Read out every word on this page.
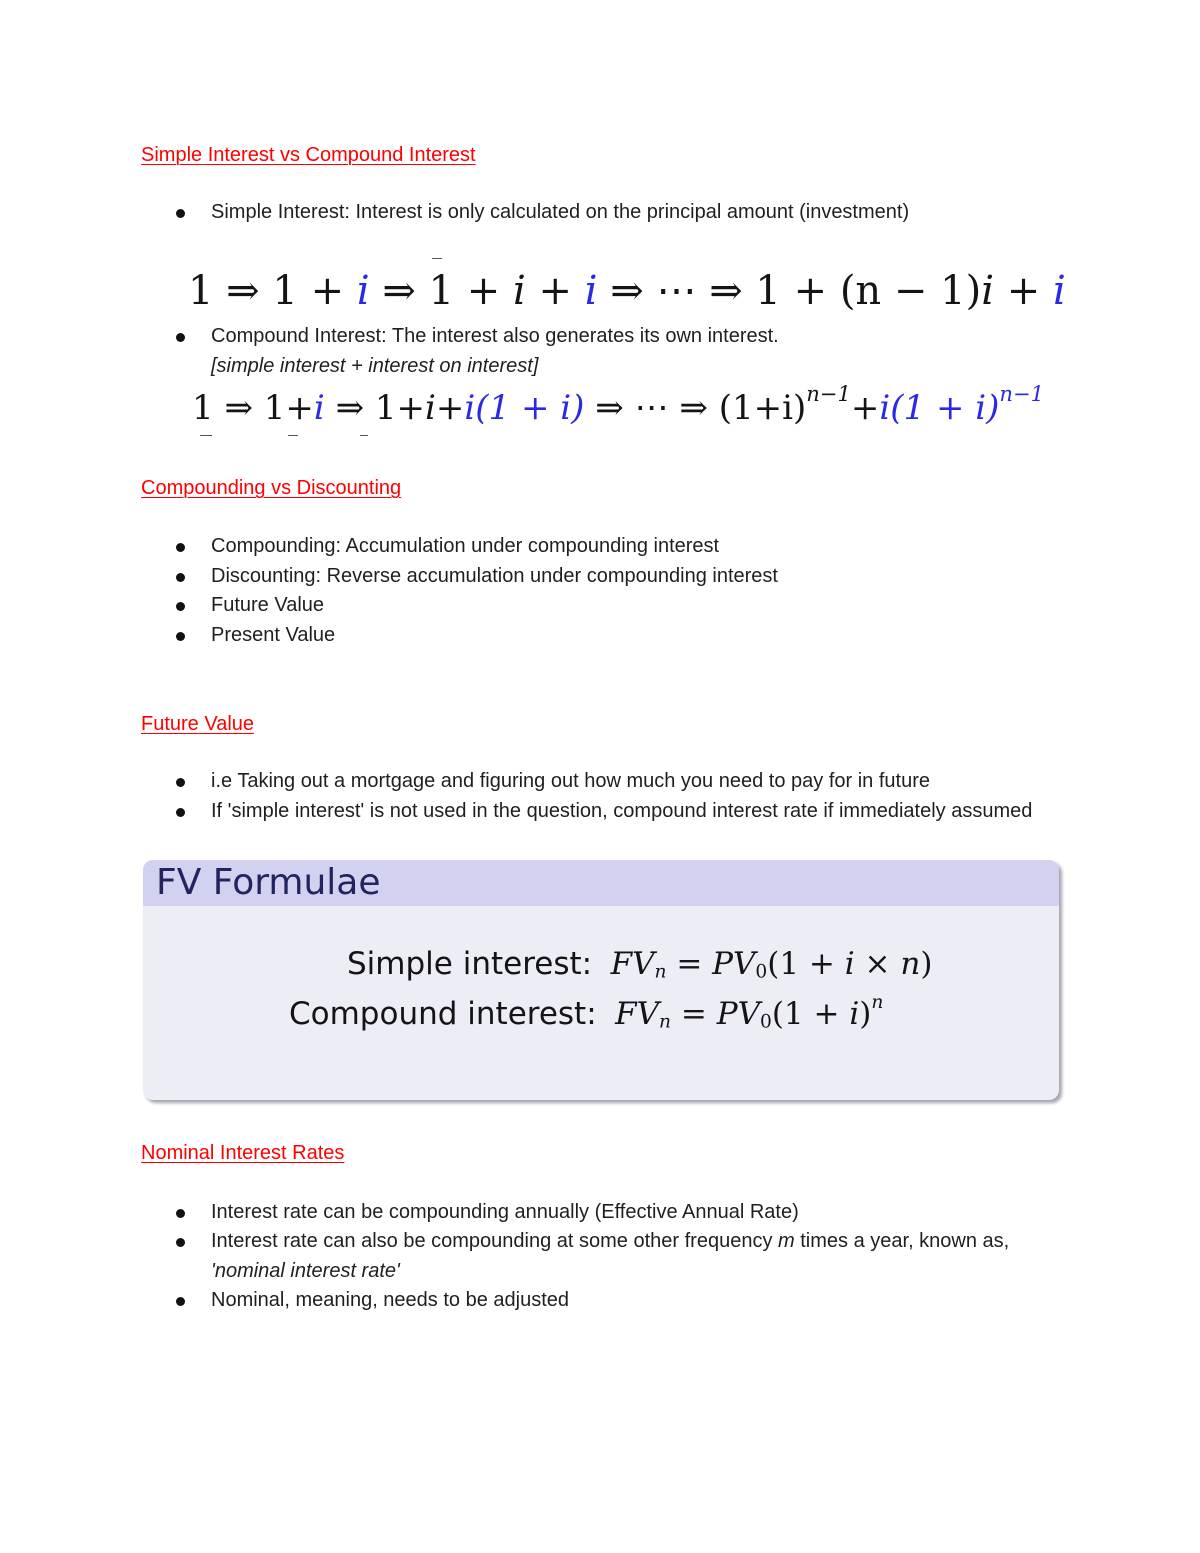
Simple Interest vs Compound Interest
Simple Interest: Interest is only calculated on the principal amount (investment)
1 ⇒ 1 + i ⇒ 1 + i + i ⇒ ⋯ ⇒ 1 + (n − 1)i + i
Compound Interest: The interest also generates its own interest.
[simple interest + interest on interest]
1 ⇒ 1+i ⇒ 1+i+i(1 + i) ⇒ ⋯ ⇒ $(1+i)^{n-1}+i(1 + i)^{n-1}$
Compounding vs Discounting
Compounding: Accumulation under compounding interest
Discounting: Reverse accumulation under compounding interest
Future Value
Present Value
Future Value
i.e Taking out a mortgage and figuring out how much you need to pay for in future
If 'simple interest' is not used in the question, compound interest rate if immediately assumed
FV Formulae
Simple interest: $FV_n = PV_0(1 + i \times n)$
Compound interest: $FV_n = PV_0(1 + i)^n$
Nominal Interest Rates
Interest rate can be compounding annually (Effective Annual Rate)
Interest rate can also be compounding at some other frequency m times a year, known as, 'nominal interest rate'
Nominal, meaning, needs to be adjusted
